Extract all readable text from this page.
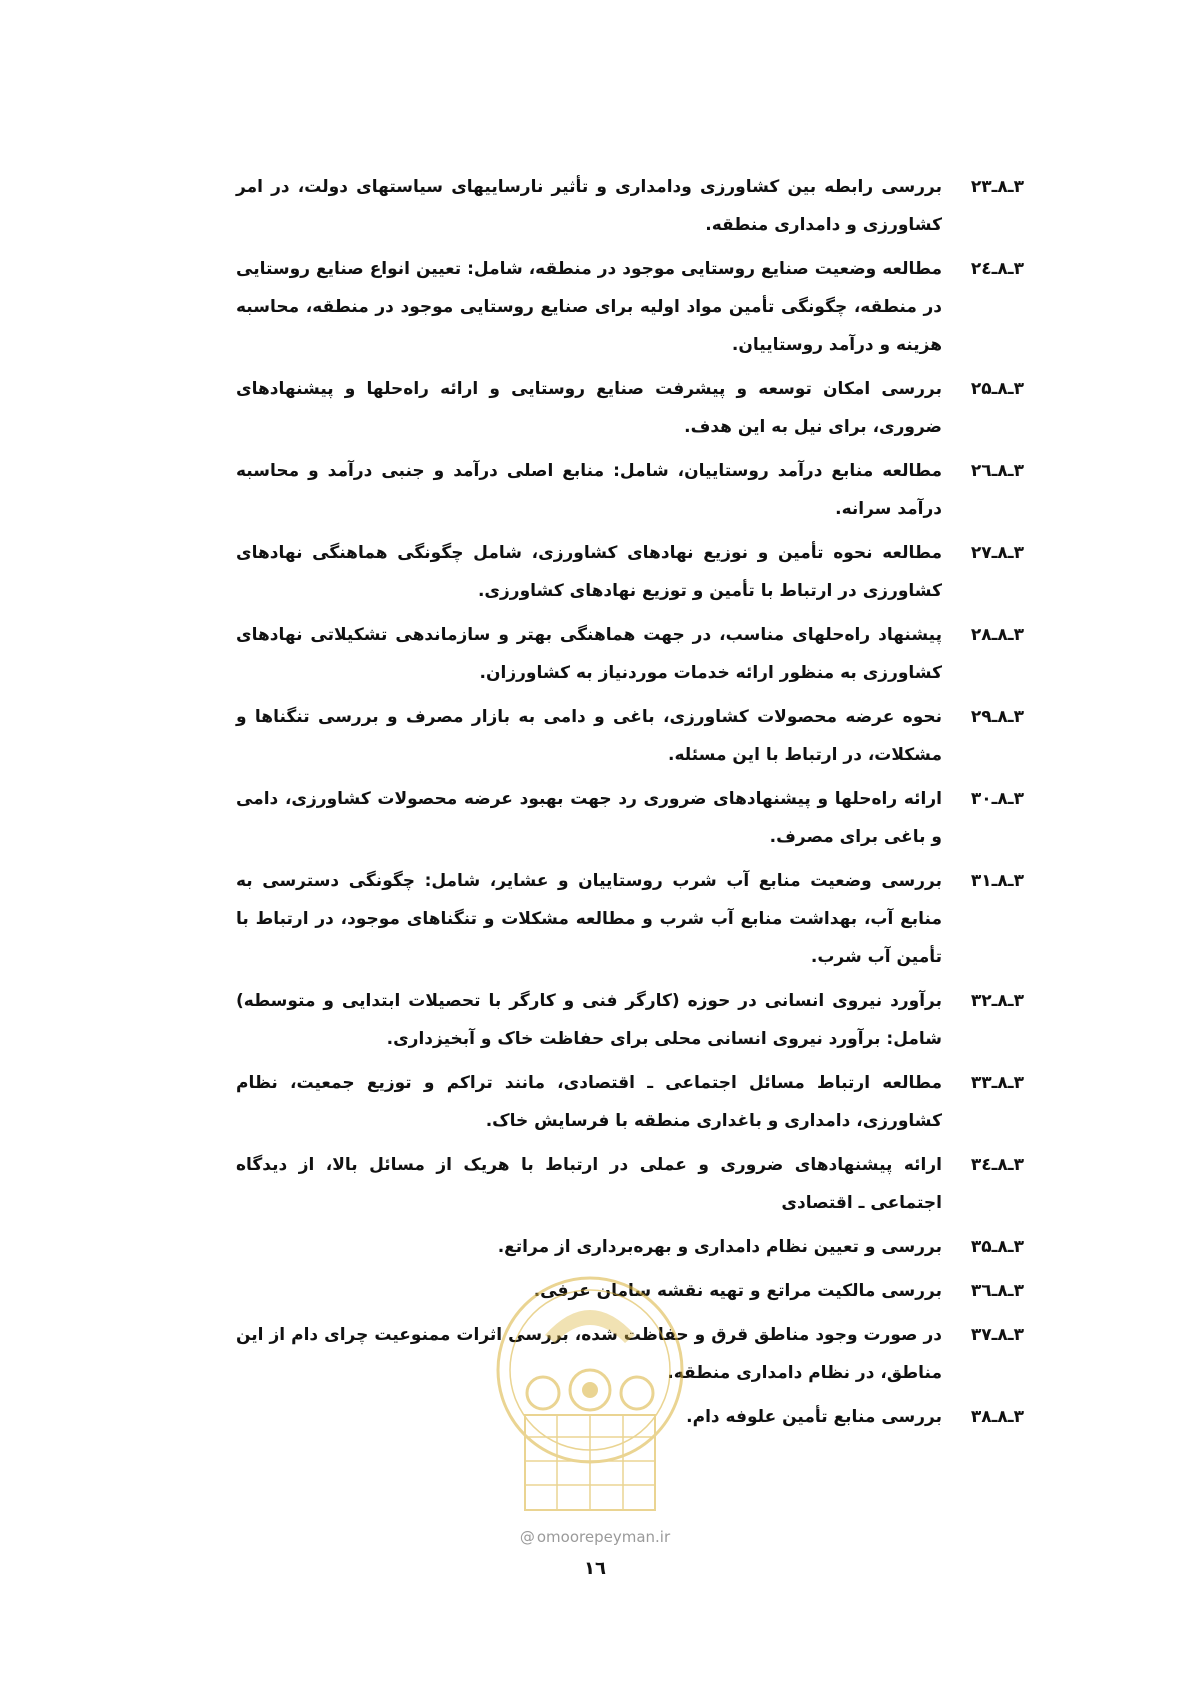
۳ـ۸ـ۲۳
بررسی رابطه بین کشاورزی ودامداری و تأثیر نارساییهای سیاستهای دولت، در امر کشاورزی و دامداری منطقه.
۳ـ۸ـ۲٤
مطالعه وضعیت صنایع روستایی موجود در منطقه، شامل: تعیین انواع صنایع روستایی در منطقه، چگونگی تأمین مواد اولیه برای صنایع روستایی موجود در منطقه، محاسبه هزینه و درآمد روستاییان.
۳ـ۸ـ۲۵
بررسی امکان توسعه و پیشرفت صنایع روستایی و ارائه راه‌حلها و پیشنهادهای ضروری، برای نیل به این هدف.
۳ـ۸ـ۲٦
مطالعه منابع درآمد روستاییان، شامل: منابع اصلی درآمد و جنبی درآمد و محاسبه درآمد سرانه.
۳ـ۸ـ۲۷
مطالعه نحوه تأمین و نوزیع نهادهای کشاورزی، شامل چگونگی هماهنگی نهادهای کشاورزی در ارتباط با تأمین و توزیع نهادهای کشاورزی.
۳ـ۸ـ۲۸
پیشنهاد راه‌حلهای مناسب، در جهت هماهنگی بهتر و سازماندهی تشکیلاتی نهادهای کشاورزی به منظور ارائه خدمات موردنیاز به کشاورزان.
۳ـ۸ـ۲۹
نحوه عرضه محصولات کشاورزی، باغی و دامی به بازار مصرف و بررسی تنگناها و مشکلات، در ارتباط با این مسئله.
۳ـ۸ـ۳۰
ارائه راه‌حلها و پیشنهادهای ضروری رد جهت بهبود عرضه محصولات کشاورزی، دامی و باغی برای مصرف.
۳ـ۸ـ۳۱
بررسی وضعیت منابع آب شرب روستاییان و عشایر، شامل: چگونگی دسترسی به منابع آب، بهداشت منابع آب شرب و مطالعه مشکلات و تنگناهای موجود، در ارتباط با تأمین آب شرب.
۳ـ۸ـ۳۲
برآورد نیروی انسانی در حوزه (کارگر فنی و کارگر با تحصیلات ابتدایی و متوسطه) شامل: برآورد نیروی انسانی محلی برای حفاظت خاک و آبخیزداری.
۳ـ۸ـ۳۳
مطالعه ارتباط مسائل اجتماعی ـ اقتصادی، مانند تراکم و توزیع جمعیت، نظام کشاورزی، دامداری و باغداری منطقه با فرسایش خاک.
۳ـ۸ـ۳٤
ارائه پیشنهادهای ضروری و عملی در ارتباط با هریک از مسائل بالا، از دیدگاه اجتماعی ـ اقتصادی
۳ـ۸ـ۳۵
بررسی و تعیین نظام دامداری و بهره‌برداری از مراتع.
۳ـ۸ـ۳٦
بررسی مالکیت مراتع و تهیه نقشه سامان عرفی.
۳ـ۸ـ۳۷
در صورت وجود مناطق قرق و حفاظت شده، بررسی اثرات ممنوعیت چرای دام از این مناطق، در نظام دامداری منطقه.
۳ـ۸ـ۳۸
بررسی منابع تأمین علوفه دام.
@ omoorepeyman.ir
١٦
